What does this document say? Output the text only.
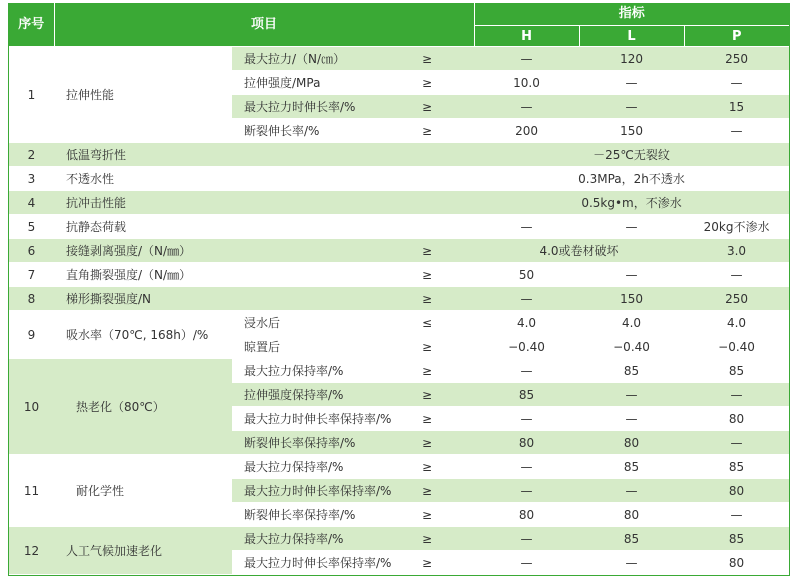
序号	项目			指标		
				H	L	P
1	拉伸性能	最大拉力/（N/㎝）	≥	—	120	250
		拉伸强度/MPa	≥	10.0	—	—
		最大拉力时伸长率/%	≥	—	—	15
		断裂伸长率/%	≥	200	150	—
2	低温弯折性			－25℃无裂纹		
3	不透水性			0.3MPa，2h不透水		
4	抗冲击性能			0.5kg•m，不渗水		
5	抗静态荷载			—	—	20kg不渗水
6	接缝剥离强度/（N/㎜）		≥	4.0或卷材破坏		3.0
7	直角撕裂强度/（N/㎜）		≥	50	—	—
8	梯形撕裂强度/N		≥	—	150	250
9	吸水率（70℃, 168h）/%	浸水后	≤	4.0	4.0	4.0
		晾置后	≥	−0.40	−0.40	−0.40
10	热老化（80℃）	最大拉力保持率/%	≥	—	85	85
		拉伸强度保持率/%	≥	85	—	—
		最大拉力时伸长率保持率/%	≥	—	—	80
		断裂伸长率保持率/%	≥	80	80	—
11	耐化学性	最大拉力保持率/%	≥	—	85	85
		最大拉力时伸长率保持率/%	≥	—	—	80
		断裂伸长率保持率/%	≥	80	80	—
12	人工气候加速老化	最大拉力保持率/%	≥	—	85	85
		最大拉力时伸长率保持率/%	≥	—	—	80
